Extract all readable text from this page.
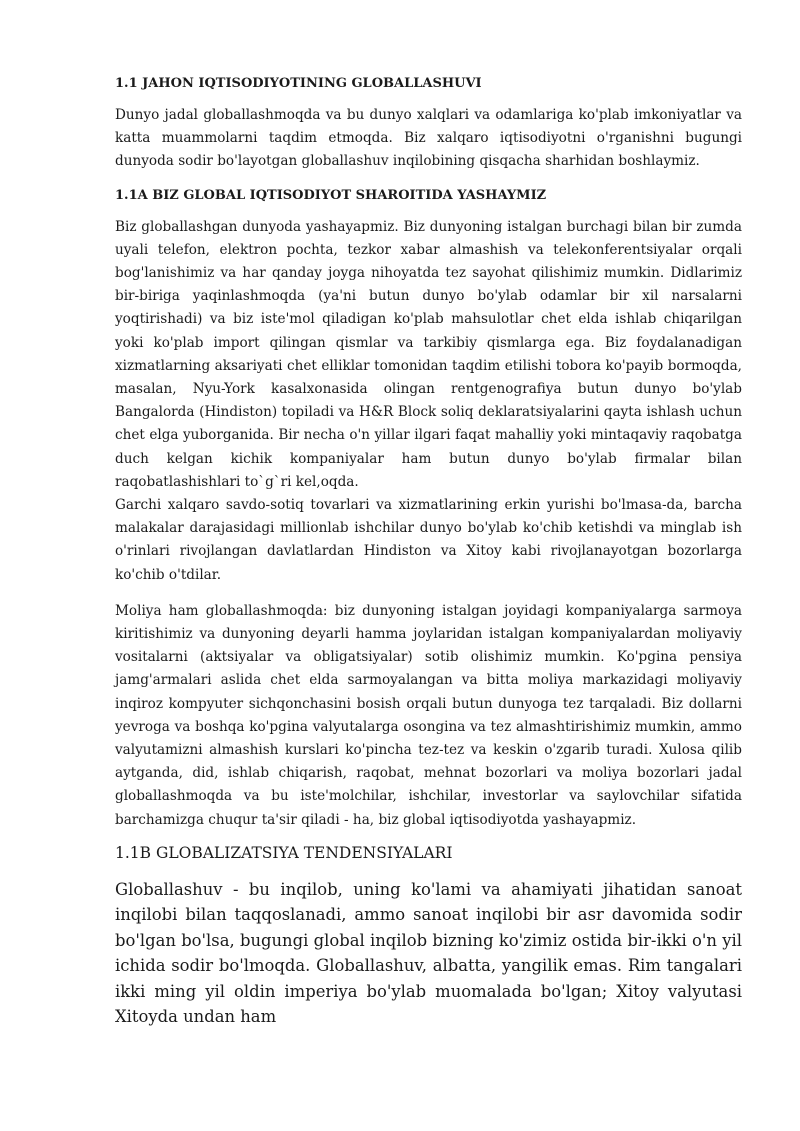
1.1 JAHON IQTISODIYOTINING GLOBALLASHUVI

Dunyo jadal globallashmoqda va bu dunyo xalqlari va odamlariga ko'plab imkoniyatlar va katta muammolarni taqdim etmoqda. Biz xalqaro iqtisodiyotni o'rganishni bugungi dunyoda sodir bo'layotgan globallashuv inqilobining qisqacha sharhidan boshlaymiz.

1.1A BIZ GLOBAL IQTISODIYOT SHAROITIDA YASHAYMIZ

Biz globallashgan dunyoda yashayapmiz. Biz dunyoning istalgan burchagi bilan bir zumda uyali telefon, elektron pochta, tezkor xabar almashish va telekonferentsiyalar orqali bog'lanishimiz va har qanday joyga nihoyatda tez sayohat qilishimiz mumkin. Didlarimiz bir-biriga yaqinlashmoqda (ya'ni butun dunyo bo'ylab odamlar bir xil narsalarni yoqtirishadi) va biz iste'mol qiladigan ko'plab mahsulotlar chet elda ishlab chiqarilgan yoki ko'plab import qilingan qismlar va tarkibiy qismlarga ega. Biz foydalanadigan xizmatlarning aksariyati chet elliklar tomonidan taqdim etilishi tobora ko'payib bormoqda, masalan, Nyu-York kasalxonasida olingan rentgenografiya butun dunyo bo'ylab Bangalorda (Hindiston) topiladi va H&R Block soliq deklaratsiyalarini qayta ishlash uchun chet elga yuborganida. Bir necha o'n yillar ilgari faqat mahalliy yoki mintaqaviy raqobatga duch kelgan kichik kompaniyalar ham butun dunyo bo'ylab firmalar bilan raqobatlashishlari to`g`ri kel,oqda.

Garchi xalqaro savdo-sotiq tovarlari va xizmatlarining erkin yurishi bo'lmasa-da, barcha malakalar darajasidagi millionlab ishchilar dunyo bo'ylab ko'chib ketishdi va minglab ish o'rinlari rivojlangan davlatlardan Hindiston va Xitoy kabi rivojlanayotgan bozorlarga ko'chib o'tdilar.

Moliya ham globallashmoqda: biz dunyoning istalgan joyidagi kompaniyalarga sarmoya kiritishimiz va dunyoning deyarli hamma joylaridan istalgan kompaniyalardan moliyaviy vositalarni (aktsiyalar va obligatsiyalar) sotib olishimiz mumkin. Ko'pgina pensiya jamg'armalari aslida chet elda sarmoyalangan va bitta moliya markazidagi moliyaviy inqiroz kompyuter sichqonchasini bosish orqali butun dunyoga tez tarqaladi. Biz dollarni yevroga va boshqa ko'pgina valyutalarga osongina va tez almashtirishimiz mumkin, ammo valyutamizni almashish kurslari ko'pincha tez-tez va keskin o'zgarib turadi. Xulosa qilib aytganda, did, ishlab chiqarish, raqobat, mehnat bozorlari va moliya bozorlari jadal globallashmoqda va bu iste'molchilar, ishchilar, investorlar va saylovchilar sifatida barchamizga chuqur ta'sir qiladi - ha, biz global iqtisodiyotda yashayapmiz.

1.1B GLOBALIZATSIYA TENDENSIYALARI

Globallashuv - bu inqilob, uning ko'lami va ahamiyati jihatidan sanoat inqilobi bilan taqqoslanadi, ammo sanoat inqilobi bir asr davomida sodir bo'lgan bo'lsa, bugungi global inqilob bizning ko'zimiz ostida bir-ikki o'n yil ichida sodir bo'lmoqda. Globallashuv, albatta, yangilik emas. Rim tangalari ikki ming yil oldin imperiya bo'ylab muomalada bo'lgan; Xitoy valyutasi Xitoyda undan ham
